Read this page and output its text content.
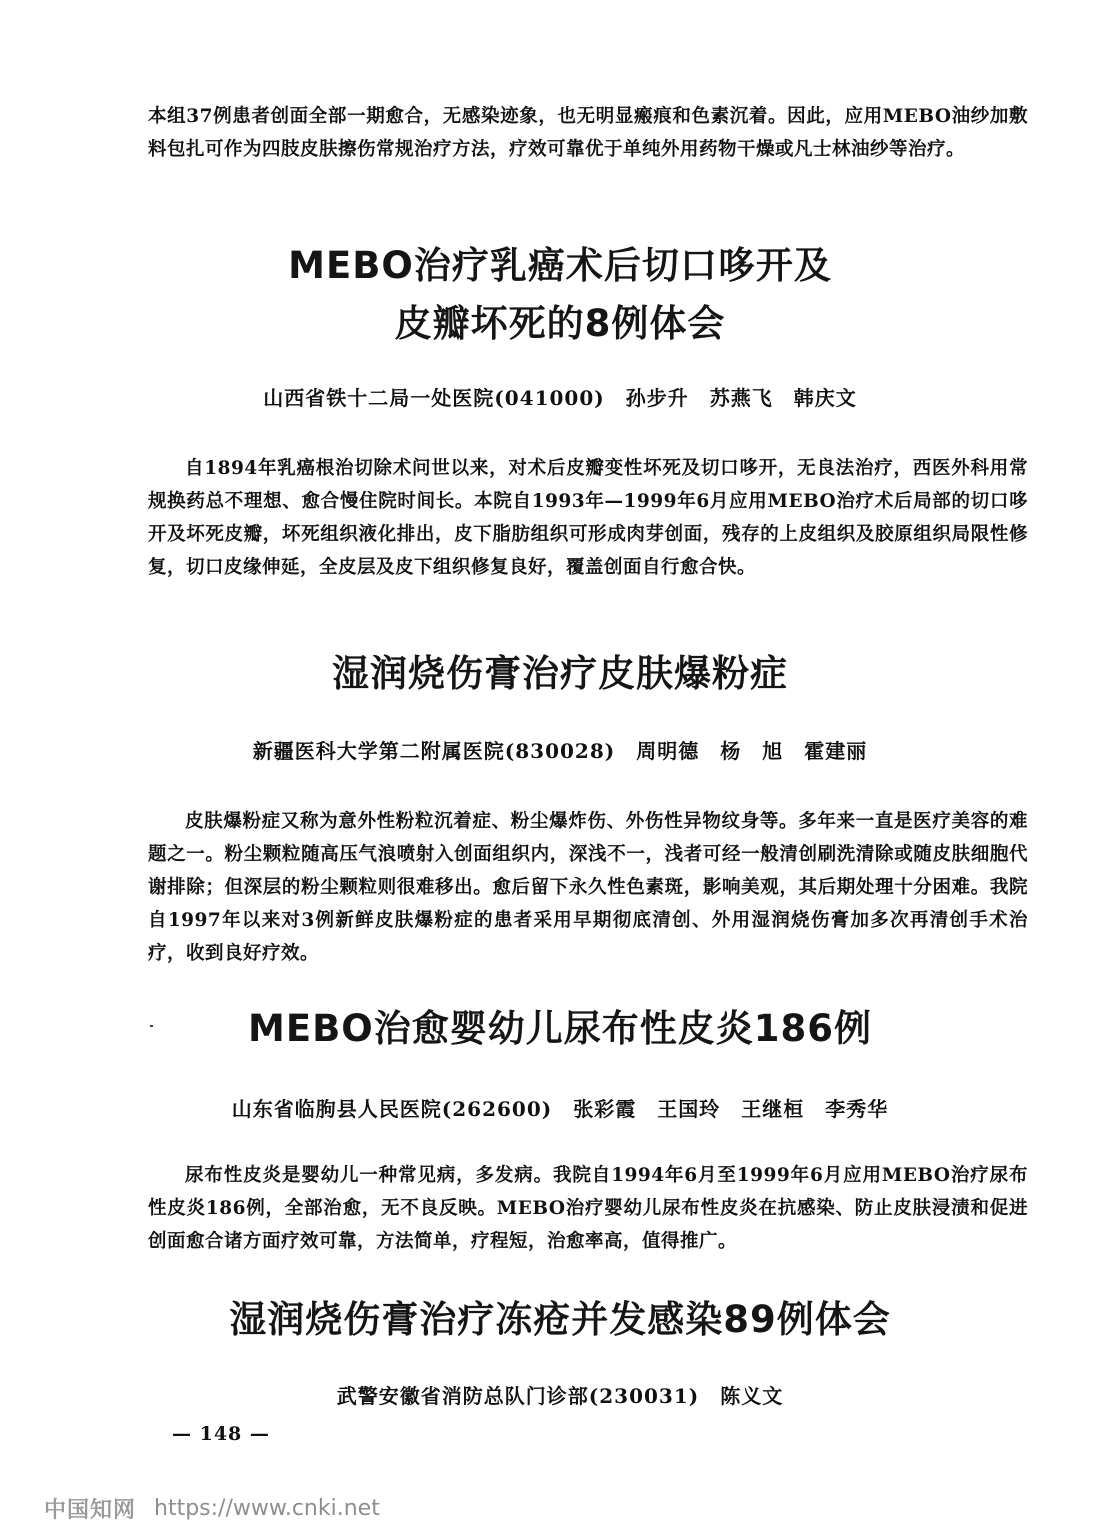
本组37例患者创面全部一期愈合，无感染迹象，也无明显瘢痕和色素沉着。因此，应用MEBO油纱加敷料包扎可作为四肢皮肤擦伤常规治疗方法，疗效可靠优于单纯外用药物干燥或凡士林油纱等治疗。

MEBO治疗乳癌术后切口哆开及
皮瓣坏死的8例体会
山西省铁十二局一处医院(041000)　孙步升　苏燕飞　韩庆文

自1894年乳癌根治切除术问世以来，对术后皮瓣变性坏死及切口哆开，无良法治疗，西医外科用常规换药总不理想、愈合慢住院时间长。本院自1993年—1999年6月应用MEBO治疗术后局部的切口哆开及坏死皮瓣，坏死组织液化排出，皮下脂肪组织可形成肉芽创面，残存的上皮组织及胶原组织局限性修复，切口皮缘伸延，全皮层及皮下组织修复良好，覆盖创面自行愈合快。

湿润烧伤膏治疗皮肤爆粉症
新疆医科大学第二附属医院(830028)　周明德　杨　旭　霍建丽

皮肤爆粉症又称为意外性粉粒沉着症、粉尘爆炸伤、外伤性异物纹身等。多年来一直是医疗美容的难题之一。粉尘颗粒随高压气浪喷射入创面组织内，深浅不一，浅者可经一般清创刷洗清除或随皮肤细胞代谢排除；但深层的粉尘颗粒则很难移出。愈后留下永久性色素斑，影响美观，其后期处理十分困难。我院自1997年以来对3例新鲜皮肤爆粉症的患者采用早期彻底清创、外用湿润烧伤膏加多次再清创手术治疗，收到良好疗效。

MEBO治愈婴幼儿尿布性皮炎186例
山东省临朐县人民医院(262600)　张彩霞　王国玲　王继桓　李秀华

尿布性皮炎是婴幼儿一种常见病，多发病。我院自1994年6月至1999年6月应用MEBO治疗尿布性皮炎186例，全部治愈，无不良反映。MEBO治疗婴幼儿尿布性皮炎在抗感染、防止皮肤浸渍和促进创面愈合诸方面疗效可靠，方法简单，疗程短，治愈率高，值得推广。

湿润烧伤膏治疗冻疮并发感染89例体会
武警安徽省消防总队门诊部(230031)　陈义文
— 148 —
中国知网 https://www.cnki.net
